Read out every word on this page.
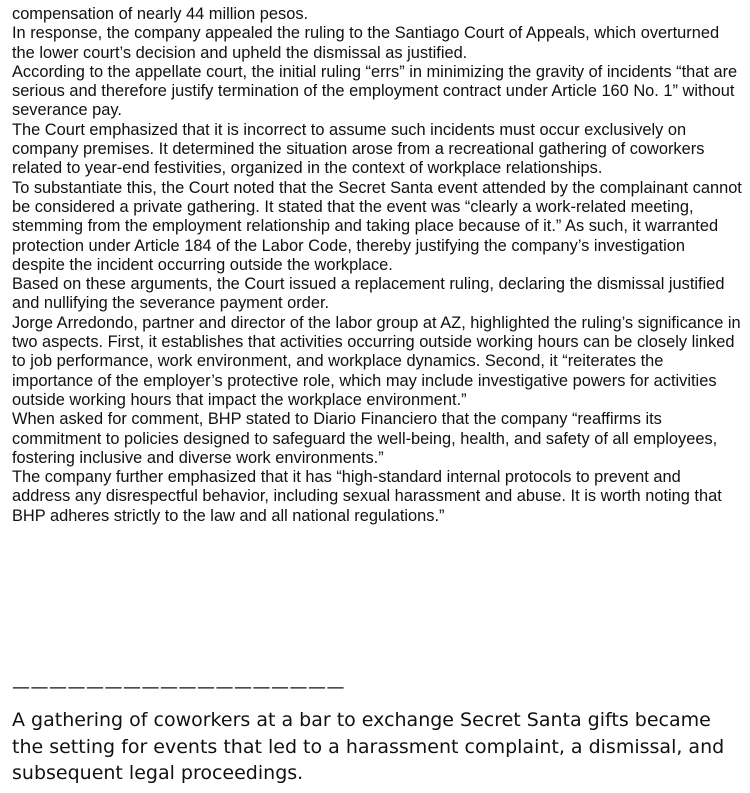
compensation of nearly 44 million pesos.

In response, the company appealed the ruling to the Santiago Court of Appeals, which overturned the lower court’s decision and upheld the dismissal as justified.

According to the appellate court, the initial ruling “errs” in minimizing the gravity of incidents “that are serious and therefore justify termination of the employment contract under Article 160 No. 1” without severance pay.

The Court emphasized that it is incorrect to assume such incidents must occur exclusively on company premises. It determined the situation arose from a recreational gathering of coworkers related to year-end festivities, organized in the context of workplace relationships.

To substantiate this, the Court noted that the Secret Santa event attended by the complainant cannot be considered a private gathering. It stated that the event was “clearly a work-related meeting, stemming from the employment relationship and taking place because of it.” As such, it warranted protection under Article 184 of the Labor Code, thereby justifying the company’s investigation despite the incident occurring outside the workplace.

Based on these arguments, the Court issued a replacement ruling, declaring the dismissal justified and nullifying the severance payment order.

Jorge Arredondo, partner and director of the labor group at AZ, highlighted the ruling’s significance in two aspects. First, it establishes that activities occurring outside working hours can be closely linked to job performance, work environment, and workplace dynamics. Second, it “reiterates the importance of the employer’s protective role, which may include investigative powers for activities outside working hours that impact the workplace environment.”

When asked for comment, BHP stated to Diario Financiero that the company “reaffirms its commitment to policies designed to safeguard the well-being, health, and safety of all employees, fostering inclusive and diverse work environments.”

The company further emphasized that it has “high-standard internal protocols to prevent and address any disrespectful behavior, including sexual harassment and abuse. It is worth noting that BHP adheres strictly to the law and all national regulations.”

——————————————————

A gathering of coworkers at a bar to exchange Secret Santa gifts became the setting for events that led to a harassment complaint, a dismissal, and subsequent legal proceedings.
